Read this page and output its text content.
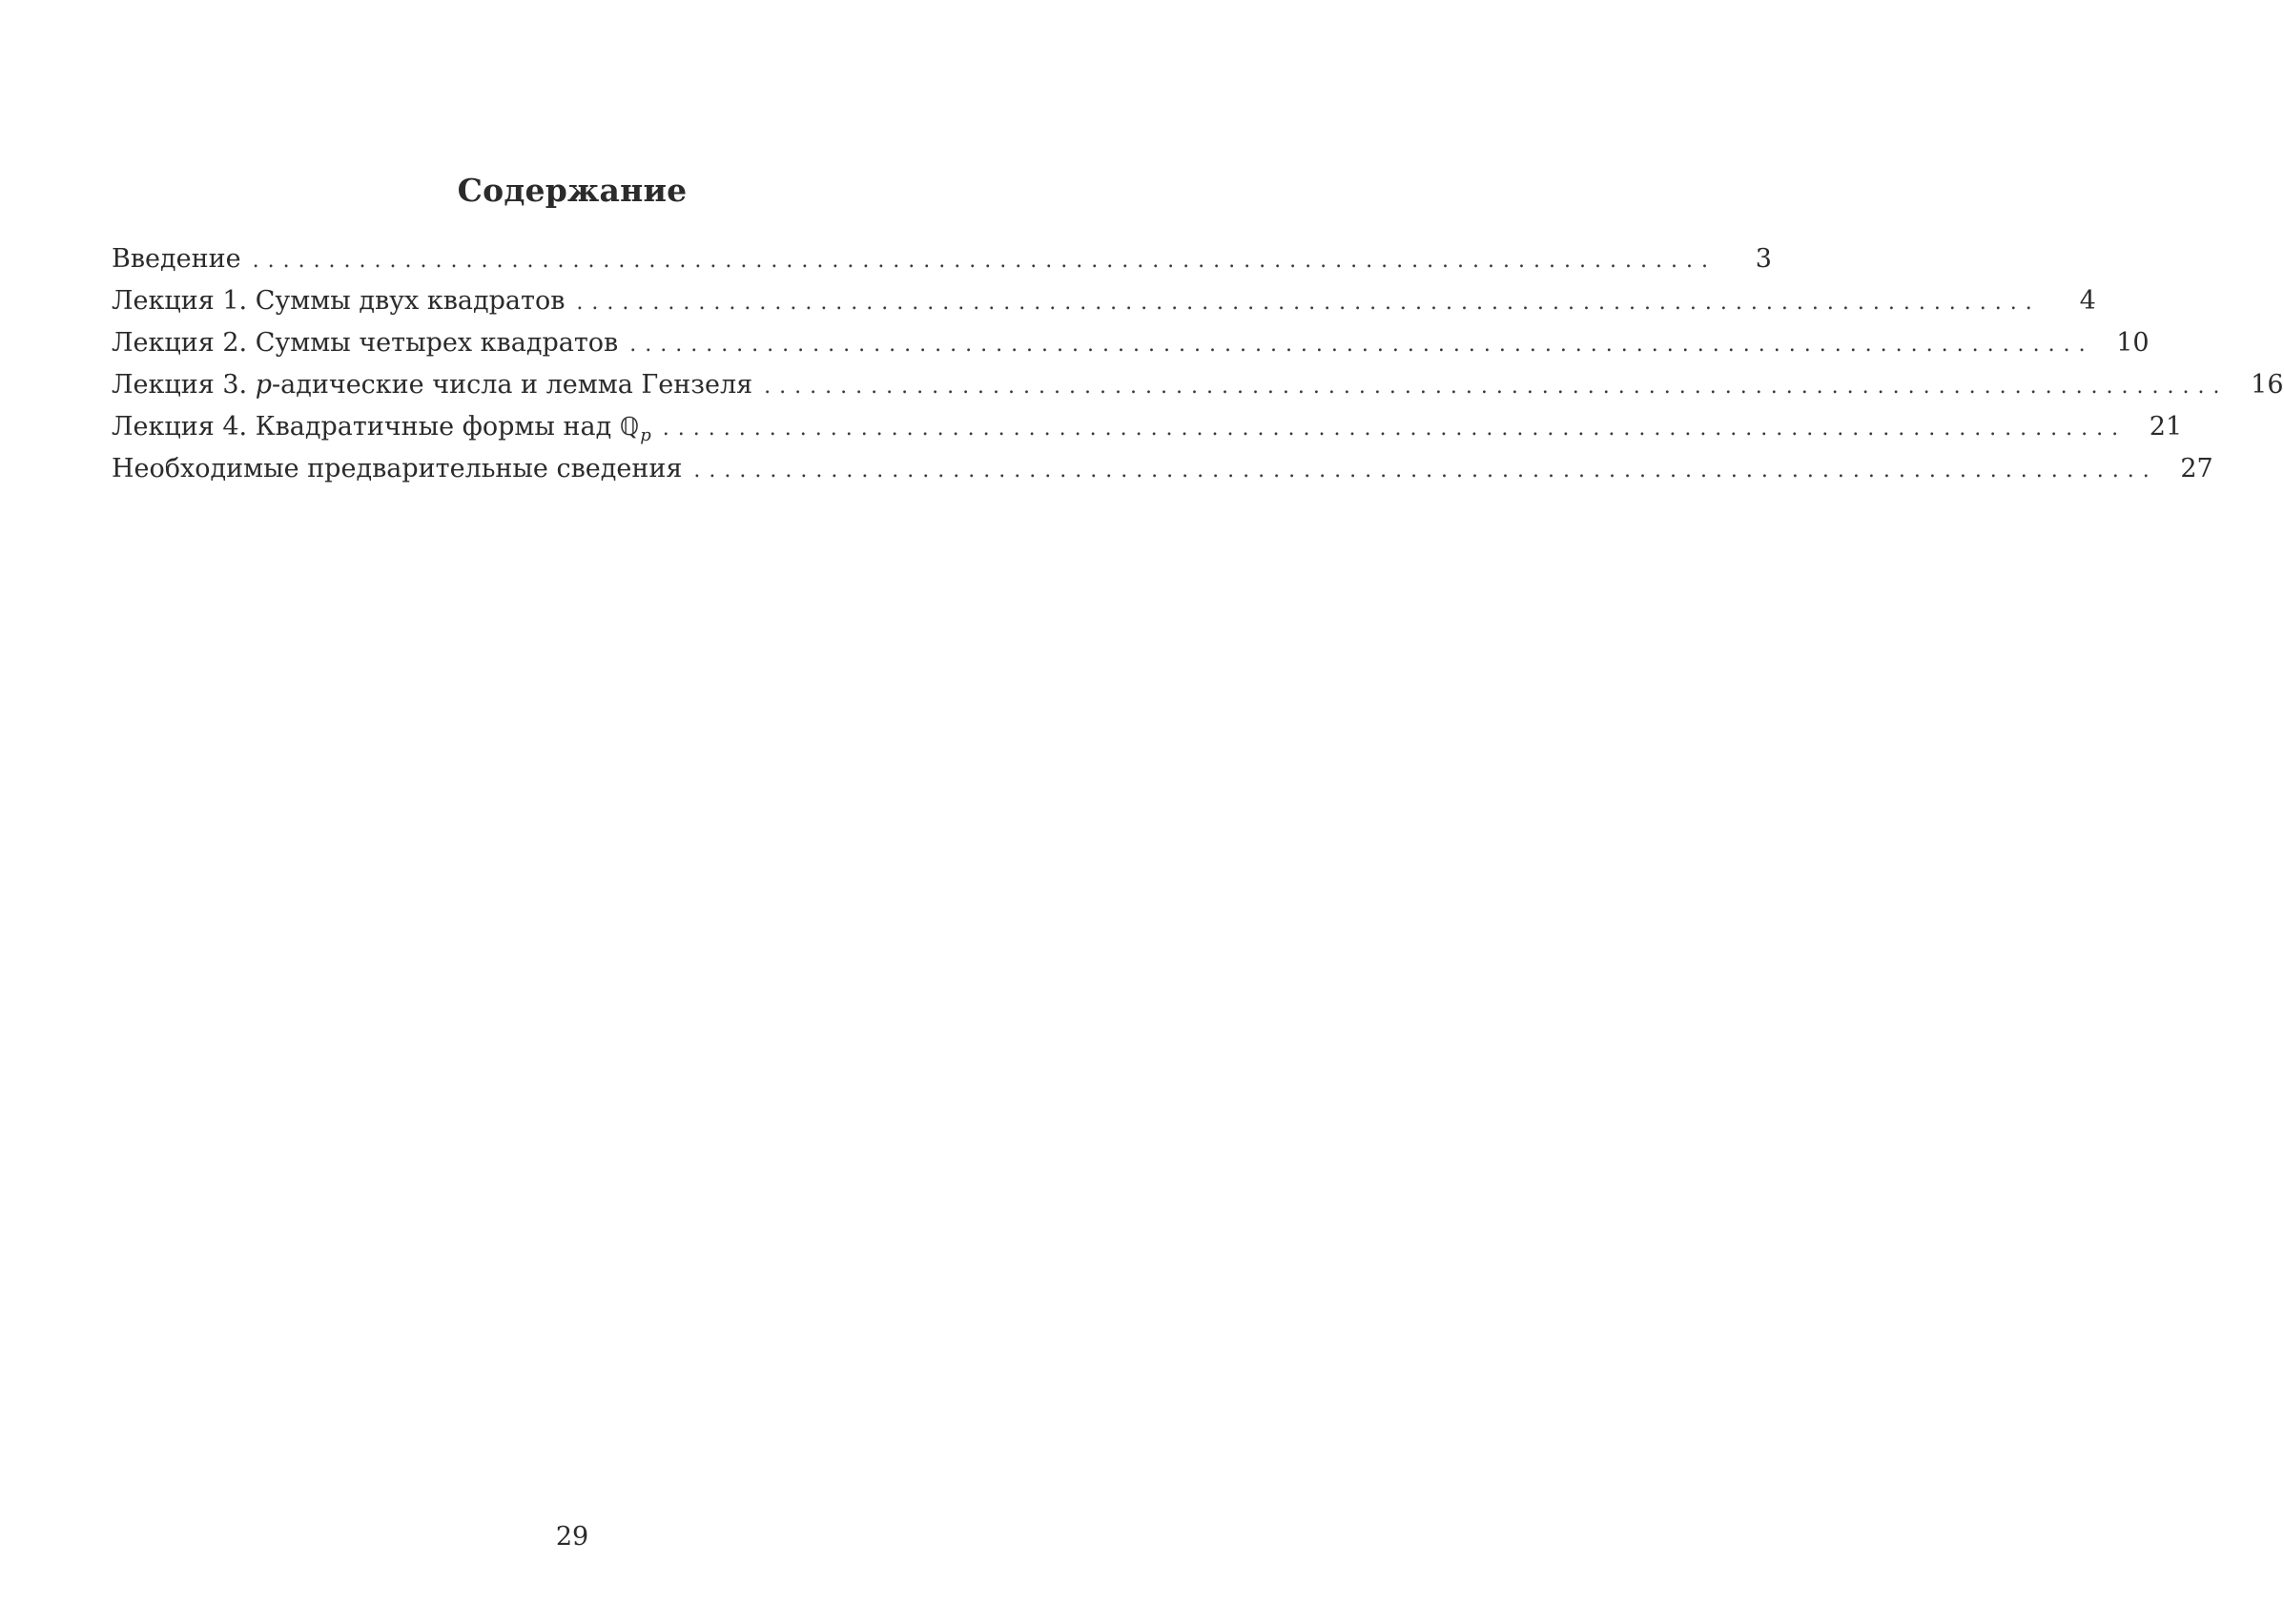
Содержание
Введение ................................................................................................	3
Лекция 1. Суммы двух квадратов ................................................................................................	4
Лекция 2. Суммы четырех квадратов ................................................................................................ 10
Лекция 3. p-адические числа и лемма Гензеля ................................................................................................ 16
Лекция 4. Квадратичные формы над ℚ$_p$ ................................................................................................ 21
Необходимые предварительные сведения ................................................................................................ 27
29
